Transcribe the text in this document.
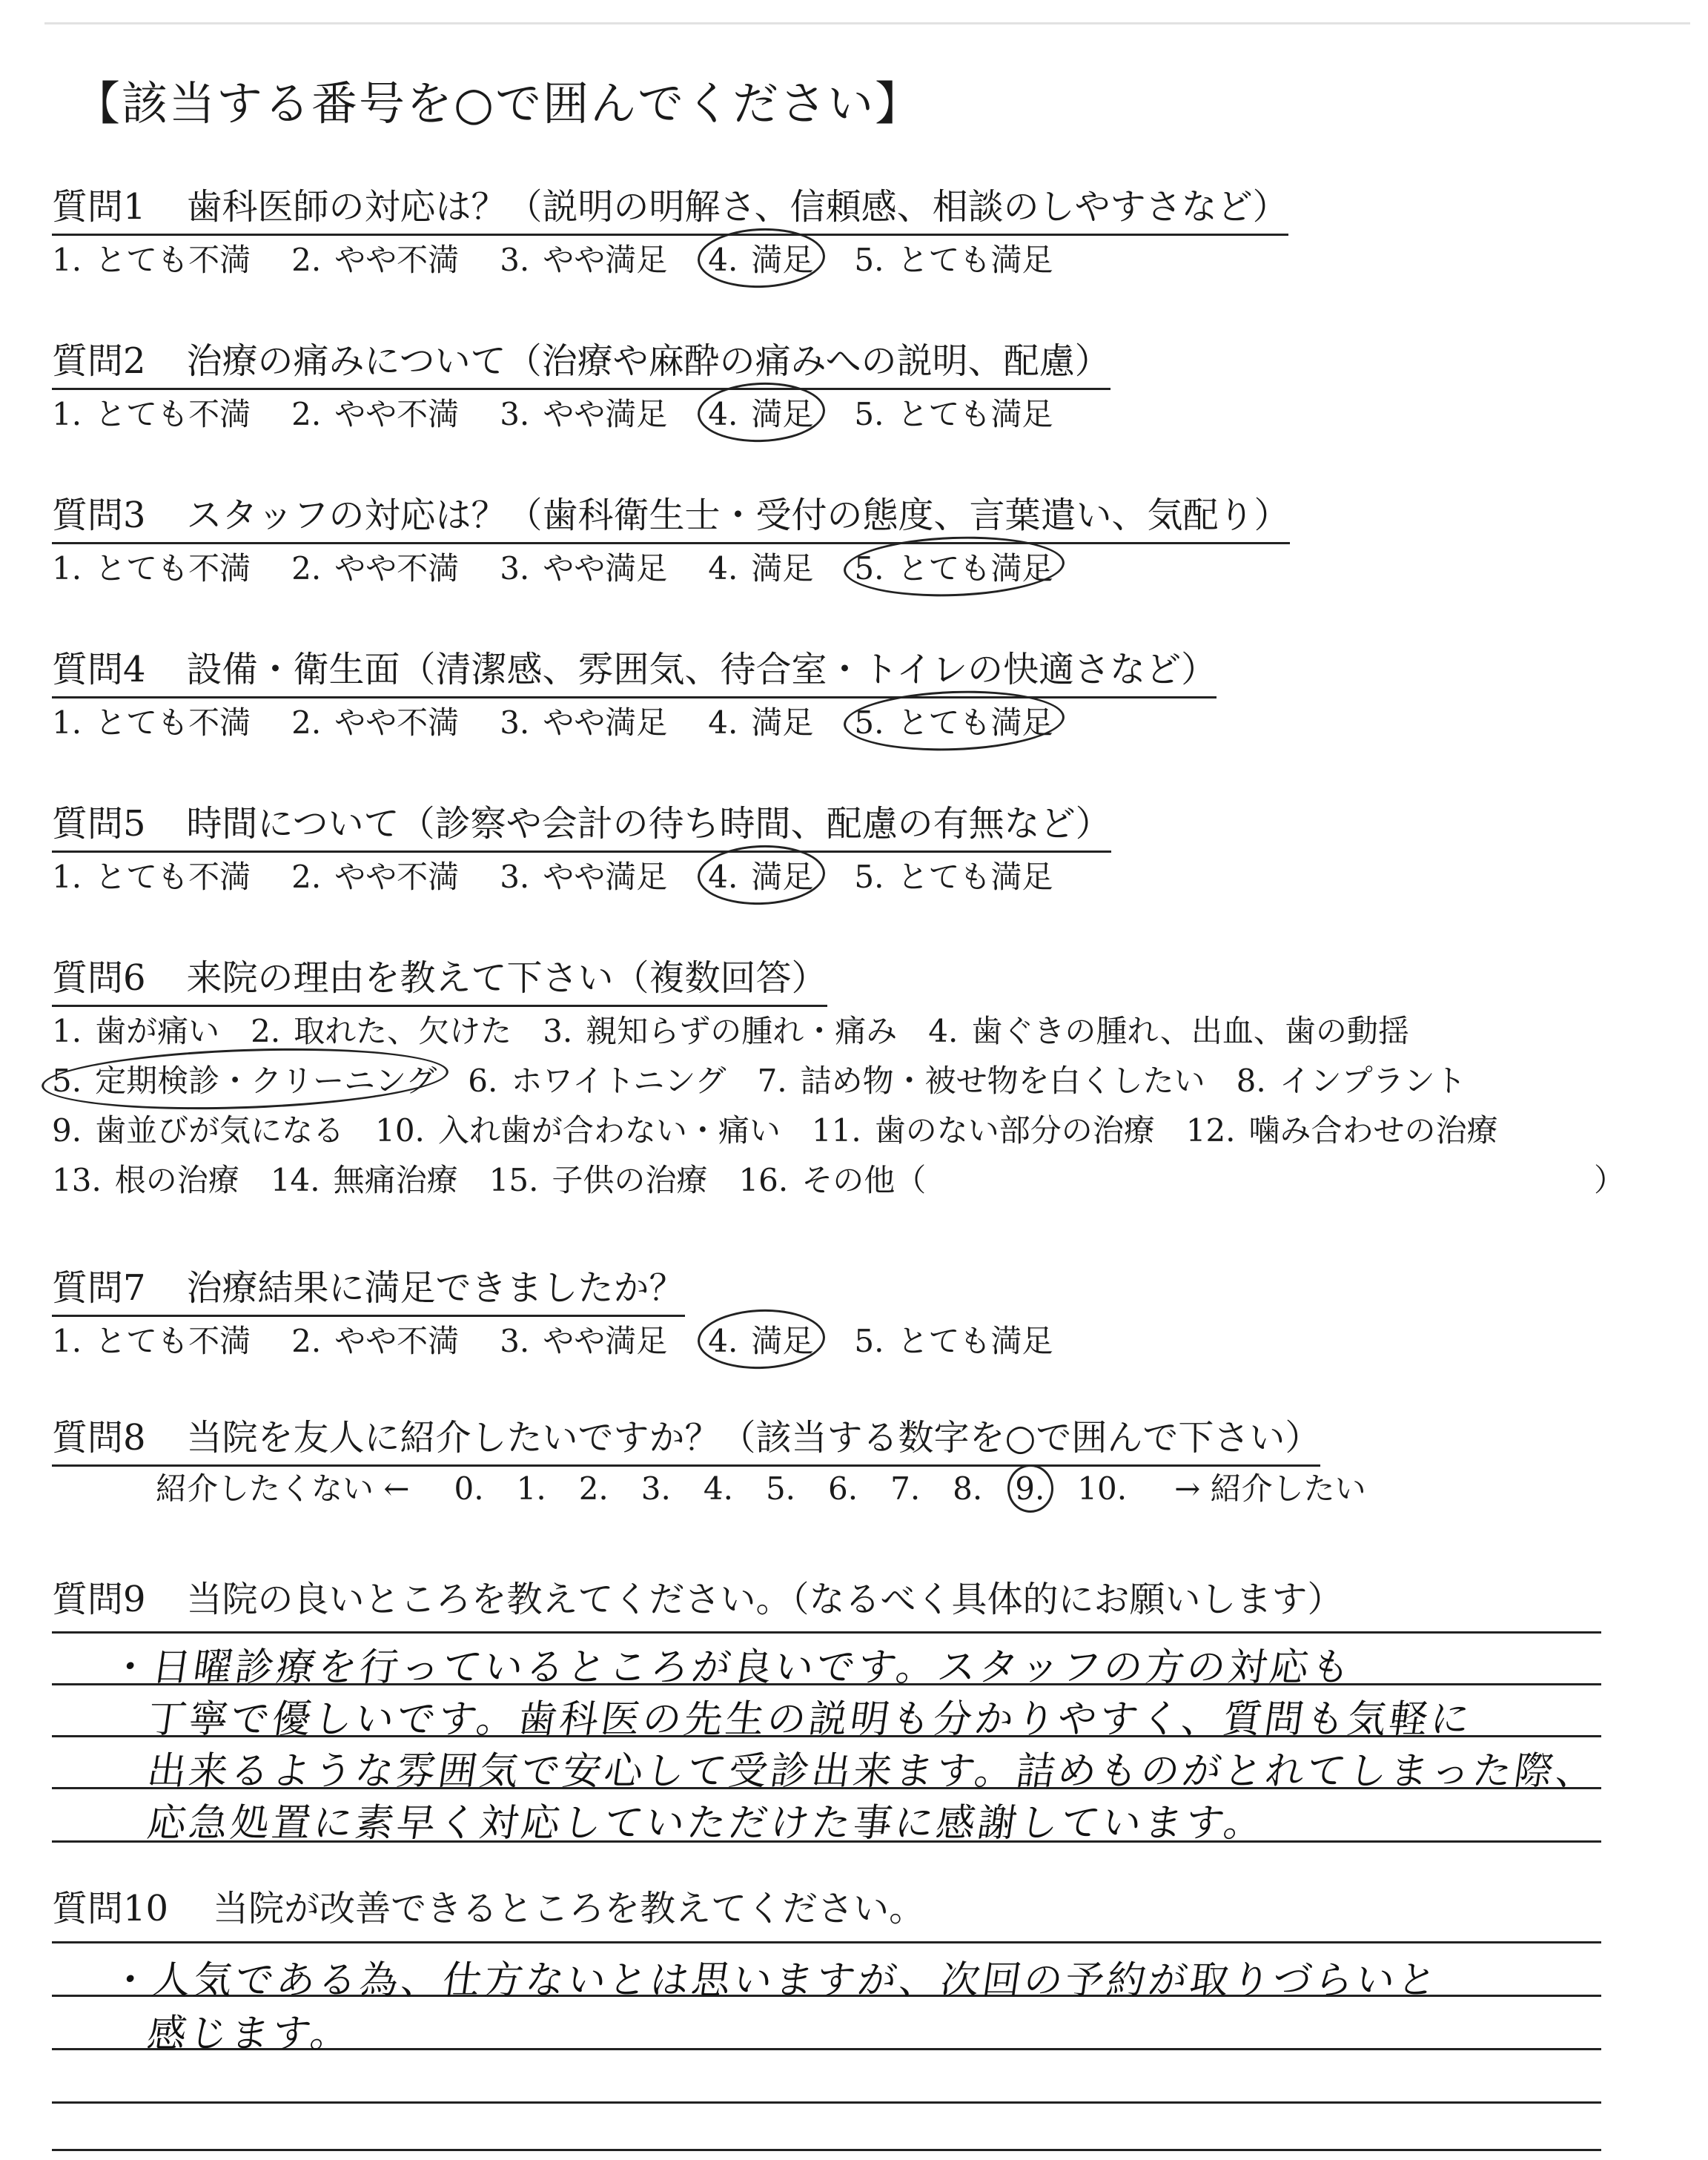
【該当する番号を○で囲んでください】
質問1 歯科医師の対応は？（説明の明解さ、信頼感、相談のしやすさなど）
1. とても不満 2. やや不満 3. やや満足 4. 満足 5. とても満足
質問2 治療の痛みについて（治療や麻酔の痛みへの説明、配慮）
1. とても不満 2. やや不満 3. やや満足 4. 満足 5. とても満足
質問3 スタッフの対応は？（歯科衛生士・受付の態度、言葉遣い、気配り）
1. とても不満 2. やや不満 3. やや満足 4. 満足 5. とても満足
質問4 設備・衛生面（清潔感、雰囲気、待合室・トイレの快適さなど）
1. とても不満 2. やや不満 3. やや満足 4. 満足 5. とても満足
質問5 時間について（診察や会計の待ち時間、配慮の有無など）
1. とても不満 2. やや不満 3. やや満足 4. 満足 5. とても満足
質問6 来院の理由を教えて下さい（複数回答）
1. 歯が痛い 2. 取れた、欠けた 3. 親知らずの腫れ・痛み 4. 歯ぐきの腫れ、出血、歯の動揺
5. 定期検診・クリーニング 6. ホワイトニング 7. 詰め物・被せ物を白くしたい 8. インプラント
9. 歯並びが気になる 10. 入れ歯が合わない・痛い 11. 歯のない部分の治療 12. 噛み合わせの治療
13. 根の治療 14. 無痛治療 15. 子供の治療 16. その他（	）
質問7 治療結果に満足できましたか？
1. とても不満 2. やや不満 3. やや満足 4. 満足 5. とても満足
質問8 当院を友人に紹介したいですか？（該当する数字を○で囲んで下さい）
紹介したくない ← 0. 1. 2. 3. 4. 5. 6. 7. 8. 9. 10. → 紹介したい
質問9 当院の良いところを教えてください。（なるべく具体的にお願いします）
・日曜診療を行っているところが良いです。スタッフの方の対応も
丁寧で優しいです。歯科医の先生の説明も分かりやすく、質問も気軽に
出来るような雰囲気で安心して受診出来ます。詰めものがとれてしまった際、
応急処置に素早く対応していただけた事に感謝しています。
質問10 当院が改善できるところを教えてください。
・人気である為、仕方ないとは思いますが、次回の予約が取りづらいと
感じます。
